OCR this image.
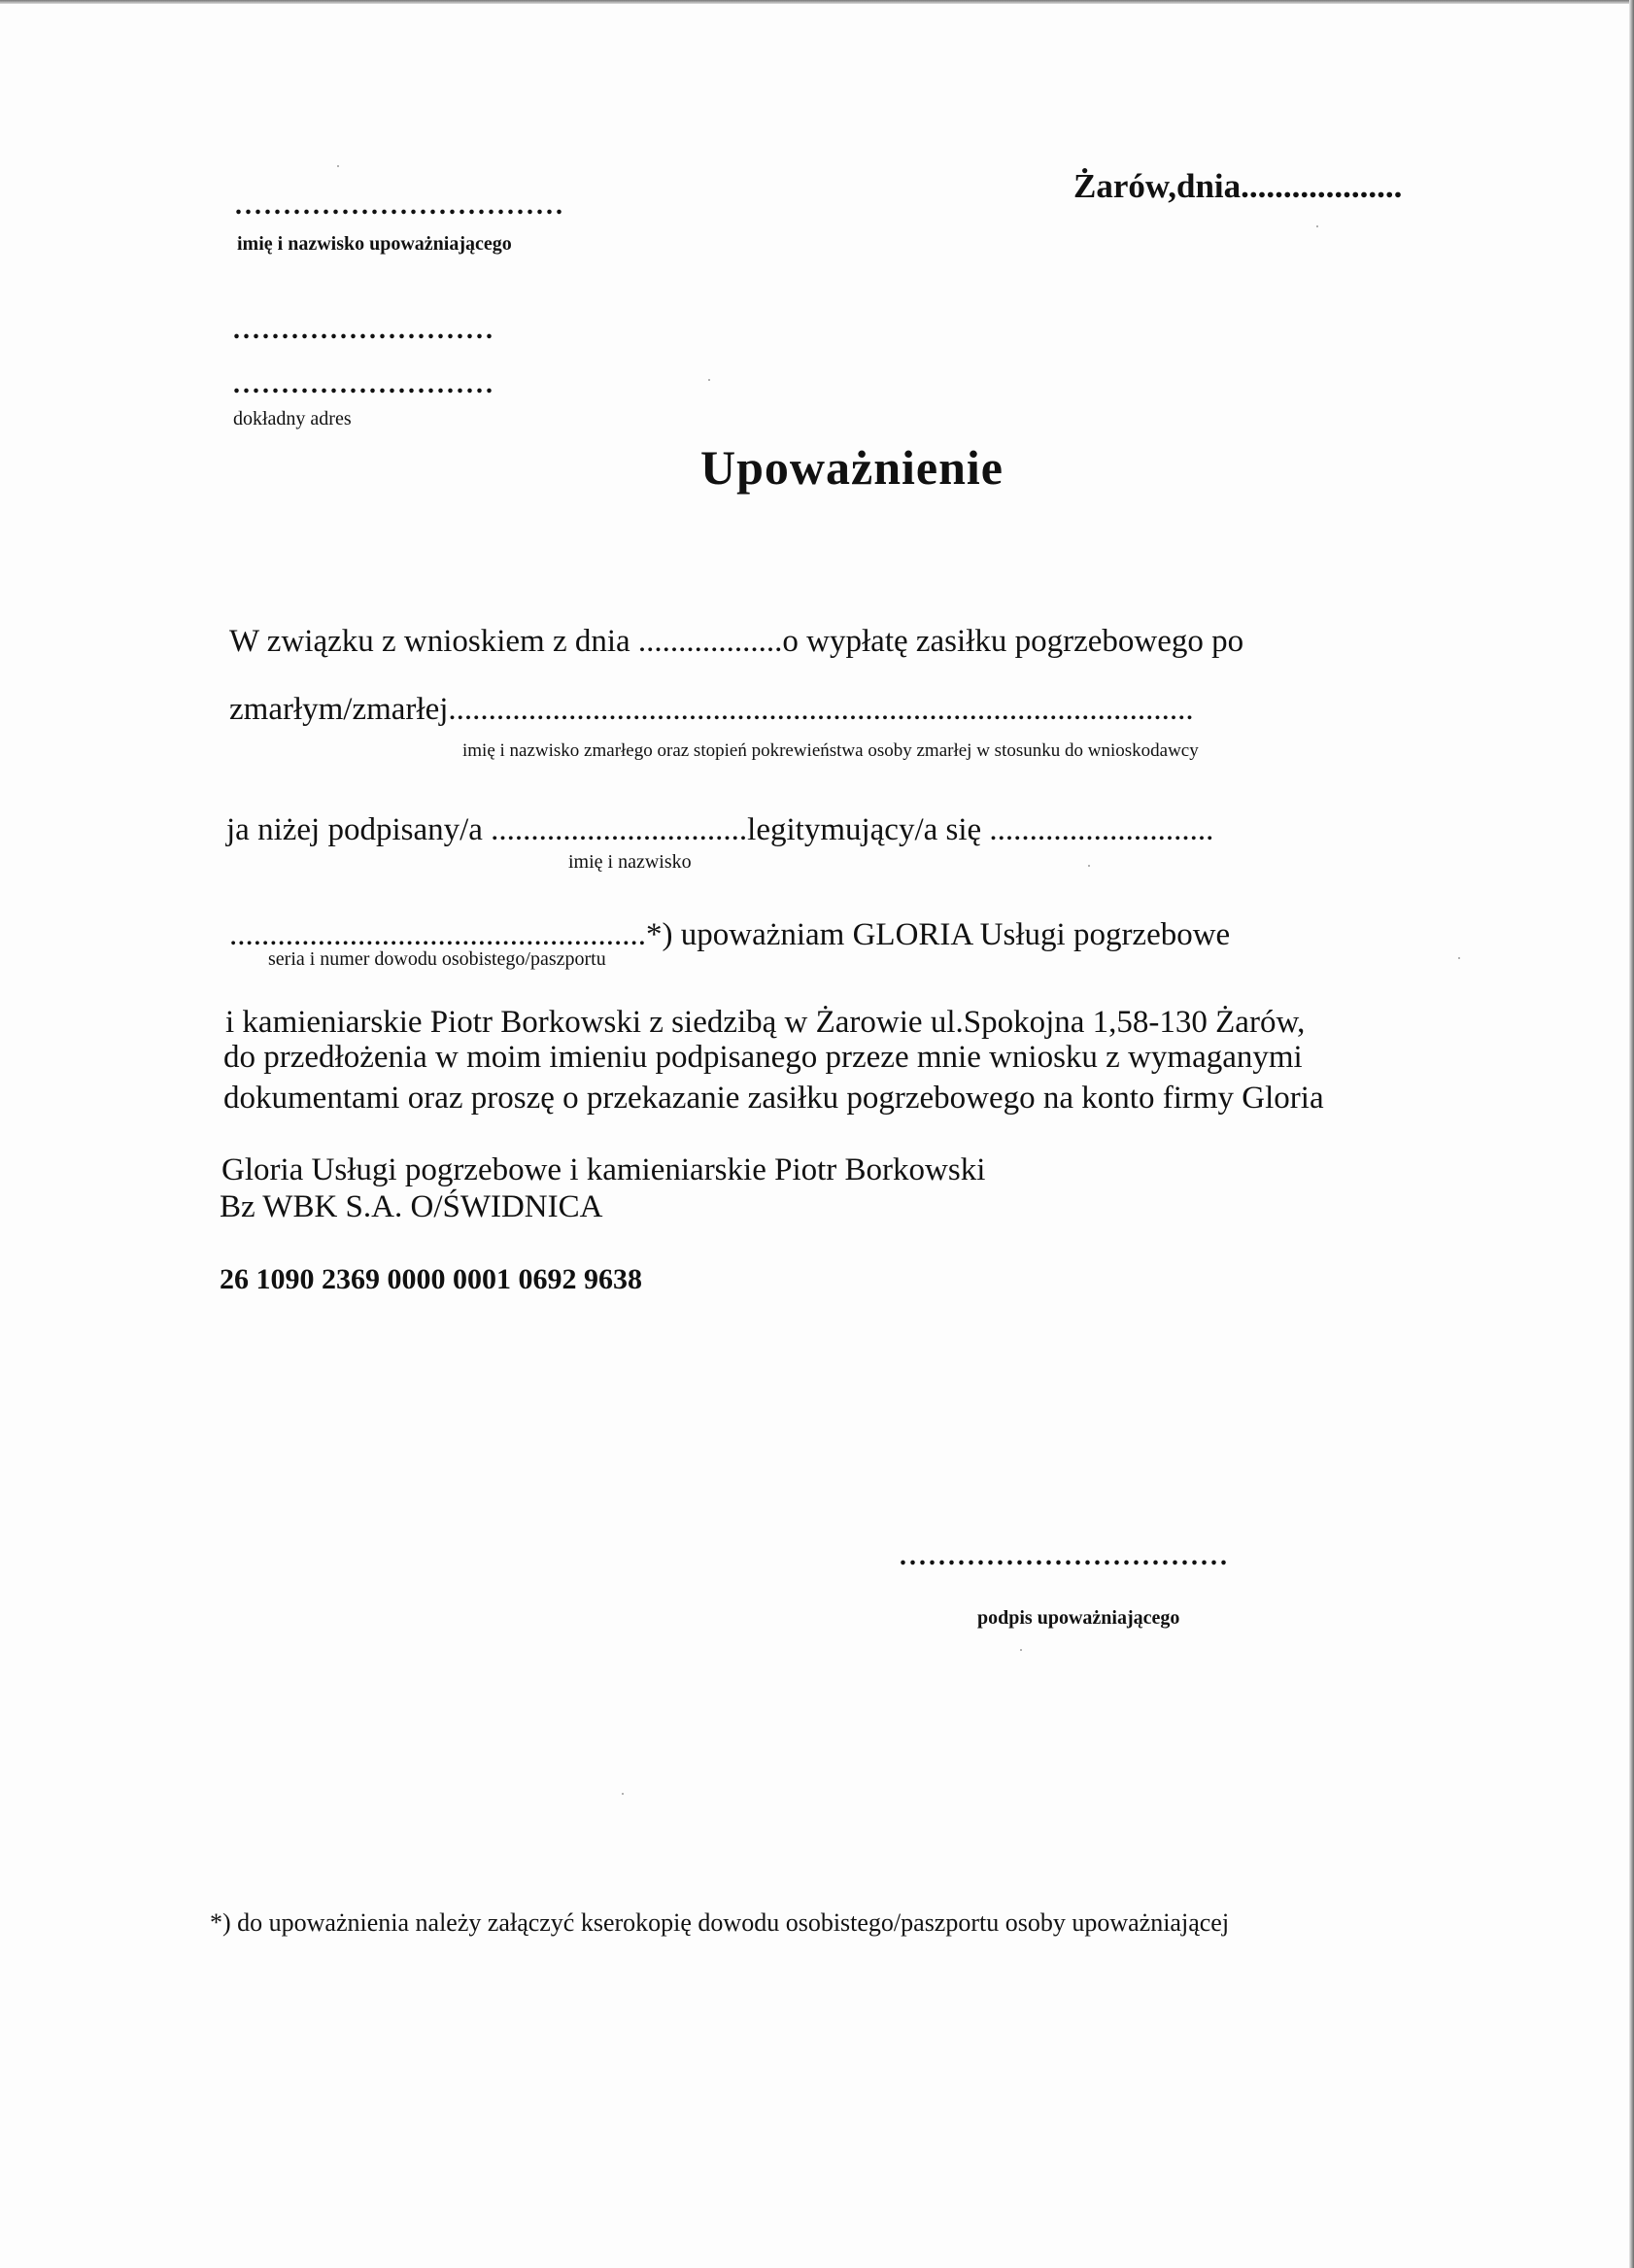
Żarów,dnia...................
..................................
imię i nazwisko upoważniającego
...........................
...........................
dokładny adres
Upoważnienie
W związku z wnioskiem z dnia ..................o wypłatę zasiłku pogrzebowego po
zmarłym/zmarłej.............................................................................................
imię i nazwisko zmarłego oraz stopień pokrewieństwa osoby zmarłej w stosunku do wnioskodawcy
ja niżej podpisany/a ................................legitymujący/a się ............................
imię i nazwisko
....................................................*) upoważniam GLORIA Usługi pogrzebowe
seria i numer dowodu osobistego/paszportu
i kamieniarskie Piotr Borkowski z siedzibą w Żarowie ul.Spokojna 1,58-130 Żarów,
do przedłożenia w moim imieniu podpisanego przeze mnie wniosku z wymaganymi
dokumentami oraz proszę o przekazanie zasiłku pogrzebowego na konto firmy Gloria
Gloria Usługi pogrzebowe i kamieniarskie Piotr Borkowski
Bz WBK S.A. O/ŚWIDNICA
26 1090 2369 0000 0001 0692 9638
..................................
podpis upoważniającego
*) do upoważnienia należy załączyć kserokopię dowodu osobistego/paszportu osoby upoważniającej
